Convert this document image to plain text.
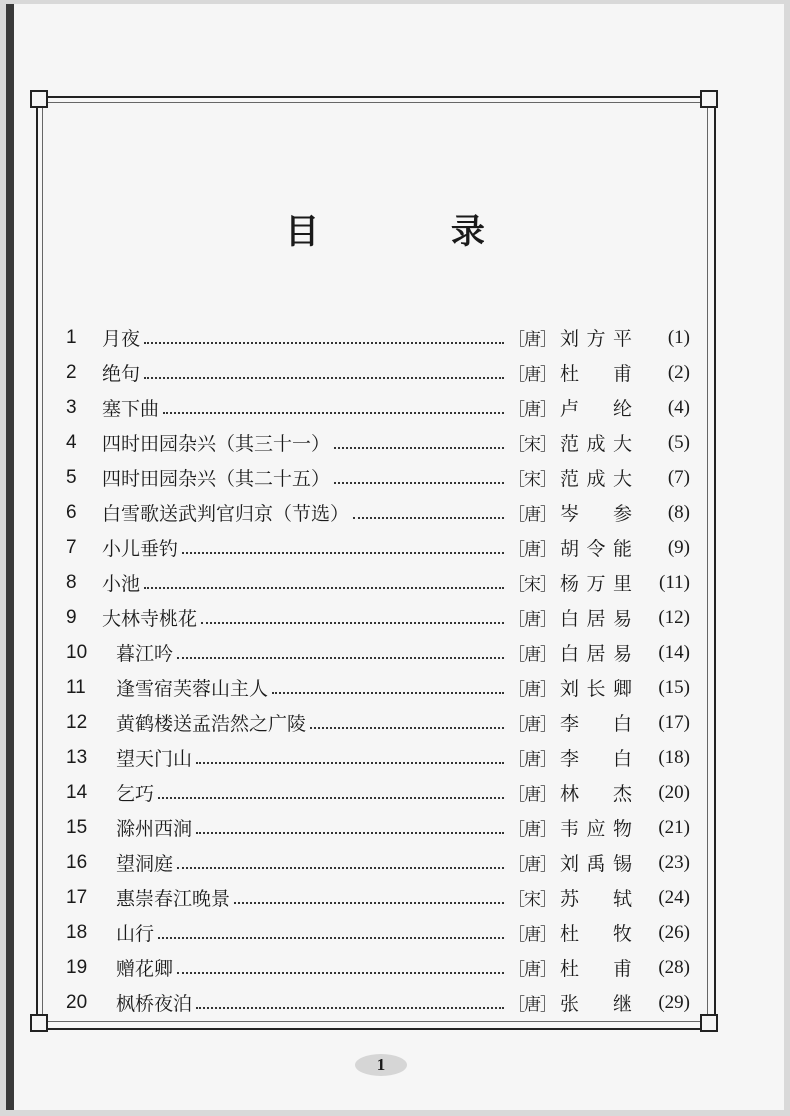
目 录
1	月夜	［唐］ 刘方平	(1)
2	绝句	［唐］ 杜 甫	(2)
3	塞下曲	［唐］ 卢 纶	(4)
4	四时田园杂兴（其三十一）	［宋］ 范成大	(5)
5	四时田园杂兴（其二十五）	［宋］ 范成大	(7)
6	白雪歌送武判官归京（节选）	［唐］ 岑 参	(8)
7	小儿垂钓	［唐］ 胡令能	(9)
8	小池	［宋］ 杨万里	(11)
9	大林寺桃花	［唐］ 白居易	(12)
10	暮江吟	［唐］ 白居易	(14)
11	逢雪宿芙蓉山主人	［唐］ 刘长卿	(15)
12	黄鹤楼送孟浩然之广陵	［唐］ 李 白	(17)
13	望天门山	［唐］ 李 白	(18)
14	乞巧	［唐］ 林 杰	(20)
15	滁州西涧	［唐］ 韦应物	(21)
16	望洞庭	［唐］ 刘禹锡	(23)
17	惠崇春江晚景	［宋］ 苏 轼	(24)
18	山行	［唐］ 杜 牧	(26)
19	赠花卿	［唐］ 杜 甫	(28)
20	枫桥夜泊	［唐］ 张 继	(29)
1
